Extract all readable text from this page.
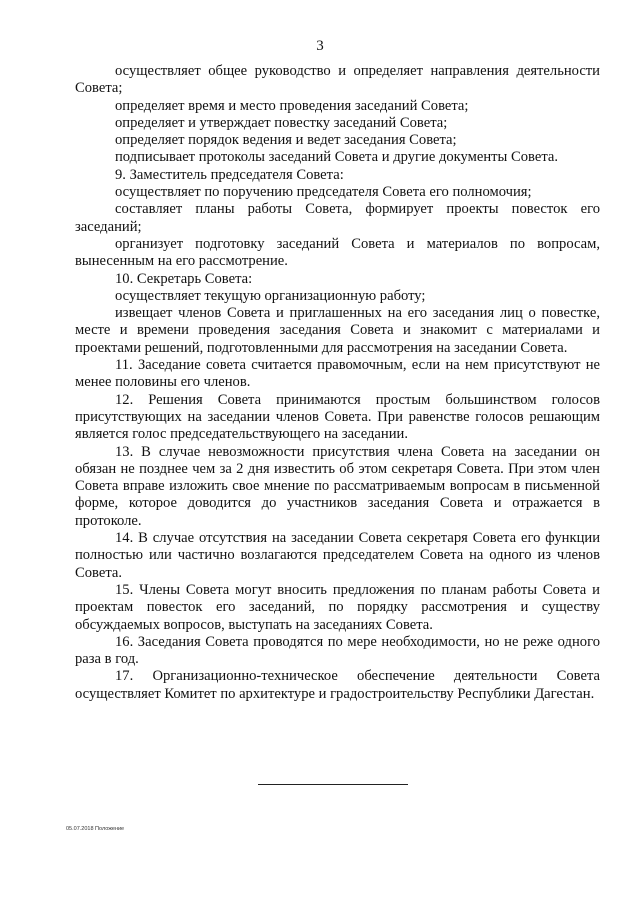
3

осуществляет общее руководство и определяет направления деятельности Совета;

определяет время и место проведения заседаний Совета;

определяет и утверждает повестку заседаний Совета;

определяет порядок ведения и ведет заседания Совета;

подписывает протоколы заседаний Совета и другие документы Совета.

9. Заместитель председателя Совета:

осуществляет по поручению председателя Совета его полномочия;

составляет планы работы Совета, формирует проекты повесток его заседаний;

организует подготовку заседаний Совета и материалов по вопросам, вынесенным на его рассмотрение.

10. Секретарь Совета:

осуществляет текущую организационную работу;

извещает членов Совета и приглашенных на его заседания лиц о повестке, месте и времени проведения заседания Совета и знакомит с материалами и проектами решений, подготовленными для рассмотрения на заседании Совета.

11. Заседание совета считается правомочным, если на нем присутствуют не менее половины его членов.

12. Решения Совета принимаются простым большинством голосов присутствующих на заседании членов Совета. При равенстве голосов решающим является голос председательствующего на заседании.

13. В случае невозможности присутствия члена Совета на заседании он обязан не позднее чем за 2 дня известить об этом секретаря Совета. При этом член Совета вправе изложить свое мнение по рассматриваемым вопросам в письменной форме, которое доводится до участников заседания Совета и отражается в протоколе.

14. В случае отсутствия на заседании Совета секретаря Совета его функции полностью или частично возлагаются председателем Совета на одного из членов Совета.

15. Члены Совета могут вносить предложения по планам работы Совета и проектам повесток его заседаний, по порядку рассмотрения и существу обсуждаемых вопросов, выступать на заседаниях Совета.

16. Заседания Совета проводятся по мере необходимости, но не реже одного раза в год.

17. Организационно-техническое обеспечение деятельности Совета осуществляет Комитет по архитектуре и градостроительству Республики Дагестан.

05.07.2018 Положение
